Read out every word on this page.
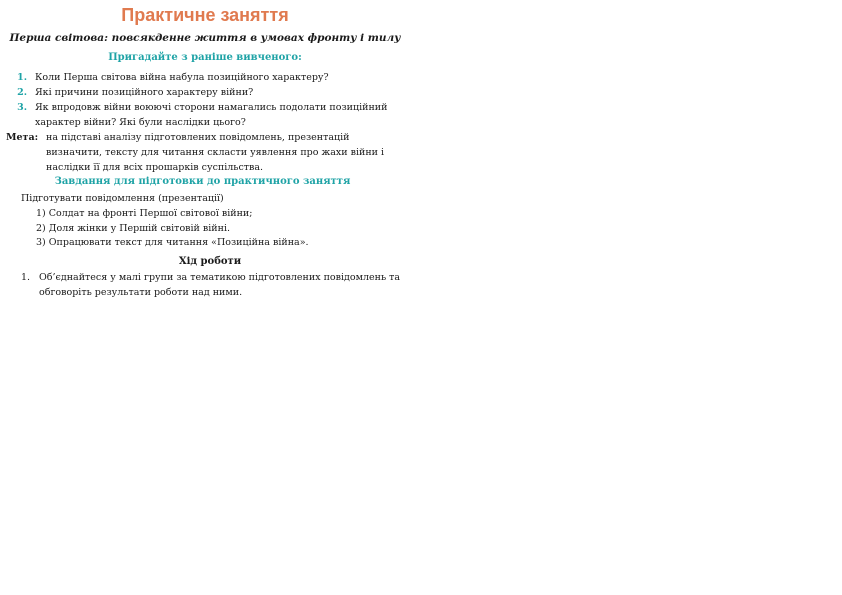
Практичне заняття
Перша світова: повсякденне життя в умовах фронту і тилу
Пригадайте з раніше вивченого:
1. Коли Перша світова війна набула позиційного характеру?
2. Які причини позиційного характеру війни?
3. Як впродовж війни воюючі сторони намагались подолати позиційний характер війни? Які були наслідки цього?
Мета: на підставі аналізу підготовлених повідомлень, презентацій визначити, тексту для читання скласти уявлення про жахи війни і наслідки її для всіх прошарків суспільства.
Завдання для підготовки до практичного заняття
Підготувати повідомлення (презентації)
1) Солдат на фронті Першої світової війни;
2) Доля жінки у Першій світовій війні.
3) Опрацювати текст для читання «Позиційна війна».
Хід роботи
1. Об’єднайтеся у малі групи за тематикою підготовлених повідомлень та обговоріть результати роботи над ними.
